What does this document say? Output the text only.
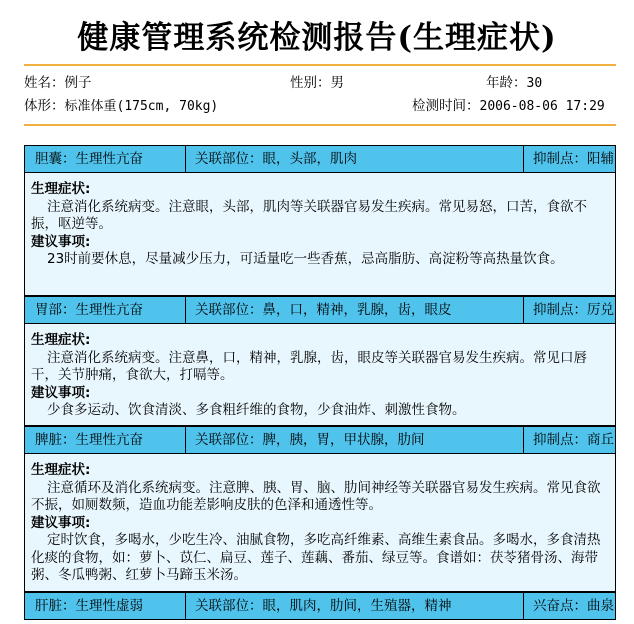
健康管理系统检测报告(生理症状)
姓名：例子	性别：男	年龄：30
体形：标准体重(175cm, 70kg)	检测时间：2006-08-06 17:29
胆囊：生理性亢奋	关联部位：眼，头部，肌肉	抑制点：阳辅
生理症状:
注意消化系统病变。注意眼，头部，肌肉等关联器官易发生疾病。常见易怒，口苦，食欲不振，呕逆等。
建议事项:
23时前要休息，尽量减少压力，可适量吃一些香蕉，忌高脂肪、高淀粉等高热量饮食。
胃部：生理性亢奋	关联部位：鼻，口，精神，乳腺，齿，眼皮	抑制点：厉兑
生理症状:
注意消化系统病变。注意鼻，口，精神，乳腺，齿，眼皮等关联器官易发生疾病。常见口唇干，关节肿痛，食欲大，打嗝等。
建议事项:
少食多运动、饮食清淡、多食粗纤维的食物，少食油炸、刺激性食物。
脾脏：生理性亢奋	关联部位：脾，胰，胃，甲状腺，肋间	抑制点：商丘
生理症状:
注意循环及消化系统病变。注意脾、胰、胃、脑、肋间神经等关联器官易发生疾病。常见食欲不振，如厕数频，造血功能差影响皮肤的色泽和通透性等。
建议事项:
定时饮食，多喝水，少吃生冷、油腻食物，多吃高纤维素、高维生素食品。多喝水，多食清热化痰的食物，如：萝卜、苡仁、扁豆、莲子、莲藕、番茄、绿豆等。食谱如：茯苓猪骨汤、海带粥、冬瓜鸭粥、红萝卜马蹄玉米汤。
肝脏：生理性虚弱	关联部位：眼，肌肉，肋间，生殖器，精神	兴奋点：曲泉
